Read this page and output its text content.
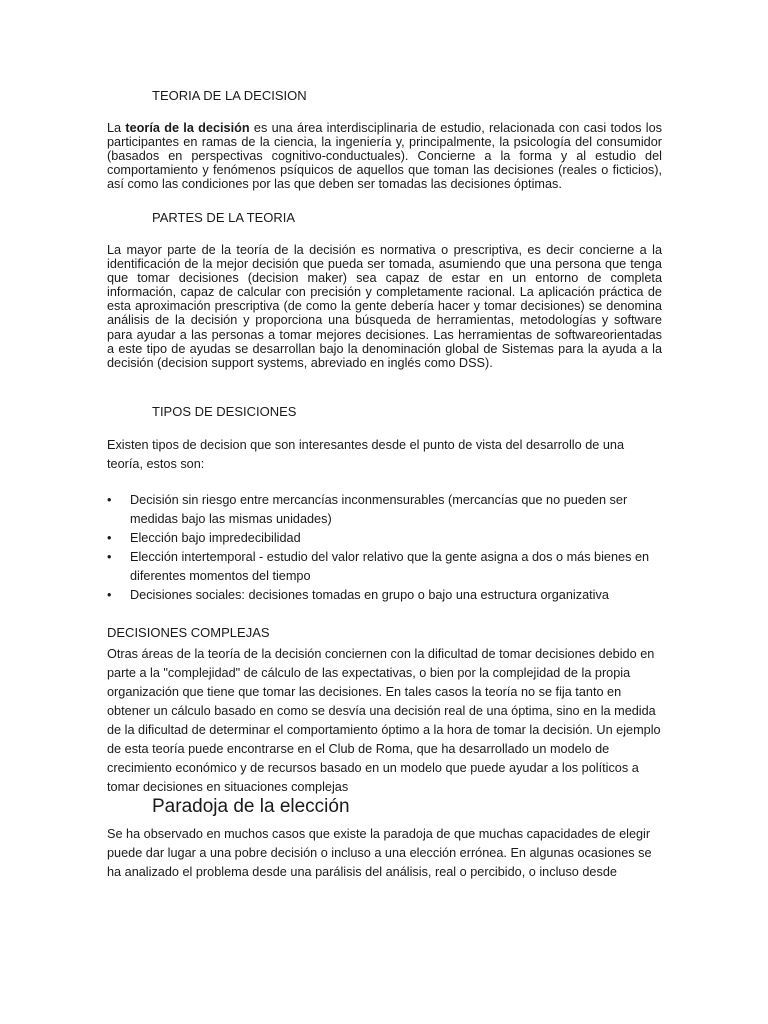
TEORIA DE LA DECISION

La teoría de la decisión es una área interdisciplinaria de estudio, relacionada con casi todos los participantes en ramas de la ciencia, la ingeniería y, principalmente, la psicología del consumidor (basados en perspectivas cognitivo-conductuales). Concierne a la forma y al estudio del comportamiento y fenómenos psíquicos de aquellos que toman las decisiones (reales o ficticios), así como las condiciones por las que deben ser tomadas las decisiones óptimas.

PARTES DE LA TEORIA

La mayor parte de la teoría de la decisión es normativa o prescriptiva, es decir concierne a la identificación de la mejor decisión que pueda ser tomada, asumiendo que una persona que tenga que tomar decisiones (decision maker) sea capaz de estar en un entorno de completa información, capaz de calcular con precisión y completamente racional. La aplicación práctica de esta aproximación prescriptiva (de como la gente debería hacer y tomar decisiones) se denomina análisis de la decisión y proporciona una búsqueda de herramientas, metodologías y software para ayudar a las personas a tomar mejores decisiones. Las herramientas de softwareorientadas a este tipo de ayudas se desarrollan bajo la denominación global de Sistemas para la ayuda a la decisión (decision support systems, abreviado en inglés como DSS).

TIPOS DE DESICIONES

Existen tipos de decision que son interesantes desde el punto de vista del desarrollo de una teoría, estos son:

• Decisión sin riesgo entre mercancías inconmensurables (mercancías que no pueden ser medidas bajo las mismas unidades)
• Elección bajo impredecibilidad
• Elección intertemporal - estudio del valor relativo que la gente asigna a dos o más bienes en diferentes momentos del tiempo
• Decisiones sociales: decisiones tomadas en grupo o bajo una estructura organizativa
DECISIONES COMPLEJAS

Otras áreas de la teoría de la decisión conciernen con la dificultad de tomar decisiones debido en parte a la "complejidad" de cálculo de las expectativas, o bien por la complejidad de la propia organización que tiene que tomar las decisiones. En tales casos la teoría no se fija tanto en obtener un cálculo basado en como se desvía una decisión real de una óptima, sino en la medida de la dificultad de determinar el comportamiento óptimo a la hora de tomar la decisión. Un ejemplo de esta teoría puede encontrarse en el Club de Roma, que ha desarrollado un modelo de crecimiento económico y de recursos basado en un modelo que puede ayudar a los políticos a tomar decisiones en situaciones complejas

Paradoja de la elección

Se ha observado en muchos casos que existe la paradoja de que muchas capacidades de elegir puede dar lugar a una pobre decisión o incluso a una elección errónea. En algunas ocasiones se ha analizado el problema desde una parálisis del análisis, real o percibido, o incluso desde
